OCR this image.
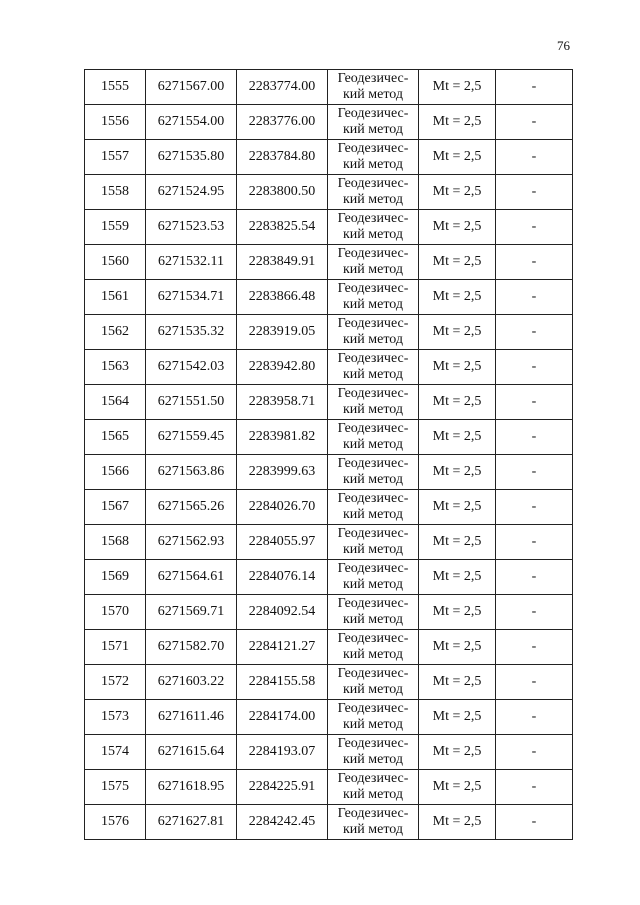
76
1555	6271567.00	2283774.00	Геодезичес-
кий метод	Mt = 2,5	-
1556	6271554.00	2283776.00	Геодезичес-
кий метод	Mt = 2,5	-
1557	6271535.80	2283784.80	Геодезичес-
кий метод	Mt = 2,5	-
1558	6271524.95	2283800.50	Геодезичес-
кий метод	Mt = 2,5	-
1559	6271523.53	2283825.54	Геодезичес-
кий метод	Mt = 2,5	-
1560	6271532.11	2283849.91	Геодезичес-
кий метод	Mt = 2,5	-
1561	6271534.71	2283866.48	Геодезичес-
кий метод	Mt = 2,5	-
1562	6271535.32	2283919.05	Геодезичес-
кий метод	Mt = 2,5	-
1563	6271542.03	2283942.80	Геодезичес-
кий метод	Mt = 2,5	-
1564	6271551.50	2283958.71	Геодезичес-
кий метод	Mt = 2,5	-
1565	6271559.45	2283981.82	Геодезичес-
кий метод	Mt = 2,5	-
1566	6271563.86	2283999.63	Геодезичес-
кий метод	Mt = 2,5	-
1567	6271565.26	2284026.70	Геодезичес-
кий метод	Mt = 2,5	-
1568	6271562.93	2284055.97	Геодезичес-
кий метод	Mt = 2,5	-
1569	6271564.61	2284076.14	Геодезичес-
кий метод	Mt = 2,5	-
1570	6271569.71	2284092.54	Геодезичес-
кий метод	Mt = 2,5	-
1571	6271582.70	2284121.27	Геодезичес-
кий метод	Mt = 2,5	-
1572	6271603.22	2284155.58	Геодезичес-
кий метод	Mt = 2,5	-
1573	6271611.46	2284174.00	Геодезичес-
кий метод	Mt = 2,5	-
1574	6271615.64	2284193.07	Геодезичес-
кий метод	Mt = 2,5	-
1575	6271618.95	2284225.91	Геодезичес-
кий метод	Mt = 2,5	-
1576	6271627.81	2284242.45	Геодезичес-
кий метод	Mt = 2,5	-
